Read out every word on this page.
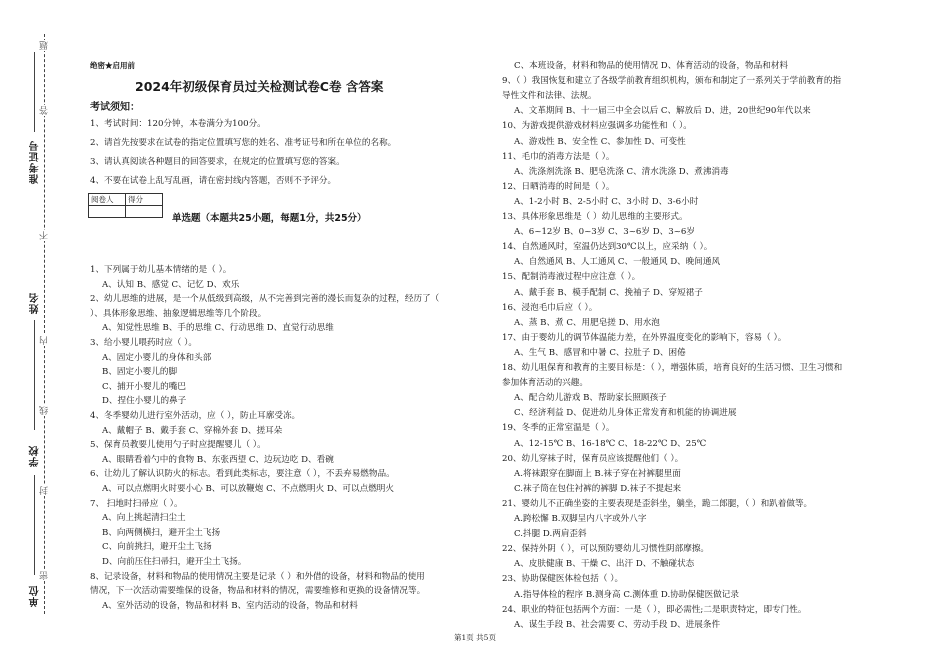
准考证号
姓名
学校
单位
题
答
不
内
线
封
密
绝密★启用前
2024年初级保育员过关检测试卷C卷 含答案
考试须知：
1、考试时间：120分钟，本卷满分为100分。
2、请首先按要求在试卷的指定位置填写您的姓名、准考证号和所在单位的名称。
3、请认真阅读各种题目的回答要求，在规定的位置填写您的答案。
4、不要在试卷上乱写乱画，请在密封线内答题，否则不予评分。
阅卷人	得分

单选题（本题共25小题，每题1分，共25分）
1、下列属于幼儿基本情绪的是（ ）。
A、认知 B、感觉 C、记忆 D、欢乐
2、幼儿思维的进展，是一个从低级到高级，从不完善到完善的漫长而复杂的过程，经历了（
）、具体形象思维、抽象逻辑思维等几个阶段。
A、知觉性思维 B、手的思维 C、行动思维 D、直觉行动思维
3、给小婴儿喂药时应（ ）。
A、固定小婴儿的身体和头部
B、固定小婴儿的脚
C、捕开小婴儿的嘴巴
D、捏住小婴儿的鼻子
4、冬季婴幼儿进行室外活动，应（ ），防止耳廓受冻。
A、戴帽子 B、戴手套 C、穿棉外套 D、搓耳朵
5、保育员教要儿使用勺子时应提醒婴儿（ ）。
A、眼睛看着勺中的食物 B、东张西望 C、边玩边吃 D、看碗
6、让幼儿了解认识防火的标志。看到此类标志，要注意（ ），不丢弃易燃物品。
A、可以点燃明火时要小心 B、可以放鞭炮 C、不点燃明火 D、可以点燃明火
7、 扫地时扫帚应（ ）。
A、向上挑起清扫尘土
B、向两侧横扫，避开尘土飞扬
C、向前挑扫，避开尘土飞扬
D、向前压住扫帚扫，避开尘土飞扬。
8、记录设备，材料和物品的使用情况主要是记录（ ）和外借的设备，材料和物品的使用
情况，下一次活动需要维保的设备，物品和材料的情况，需要维修和更换的设备情况等。
A、室外活动的设备，物品和材料 B、室内活动的设备，物品和材料
C、本班设备，材料和物品的使用情况 D、体育活动的设备，物品和材料
9、（ ）我国恢复和建立了各级学前教育组织机构，颁布和制定了一系列关于学前教育的指
导性文件和法律、法规。
A、文革期间 B、十一届三中全会以后 C、解放后 D、进，20世纪90年代以来
10、为游戏提供游戏材料应强调多功能性和（ ）。
A、游戏性 B、安全性 C、参加性 D、可变性
11、毛巾的消毒方法是（ ）。
A、洗涤剂洗涤 B、肥皂洗涤 C、清水洗涤 D、煮沸消毒
12、日晒消毒的时间是（ ）。
A、1-2小时 B、2-5小时 C、3小时 D、3-6小时
13、具体形象思维是（ ）幼儿思维的主要形式。
A、6~12岁 B、0~3岁 C、3~6岁 D、3~6岁
14、自然通风时，室温仍达到30℃以上，应采纳（ ）。
A、自然通风 B、人工通风 C、一般通风 D、晚间通风
15、配制消毒液过程中应注意（ ）。
A、戴手套 B、模手配制 C、挽袖子 D、穿短裙子
16、浸泡毛巾后应（ ）。
A、蒸 B、煮 C、用肥皂搓 D、用水泡
17、由于婴幼儿的调节体温能力差，在外界温度变化的影响下，容易（ ）。
A、生气 B、感冒和中暑 C、拉肚子 D、困倦
18、幼儿咀保育和教育的主要目标是：（ ），增强体质，培育良好的生活习惯、卫生习惯和
参加体育活动的兴趣。
A、配合幼儿游戏 B、帮助家长照顾孩子
C、经济利益 D、促进幼儿身体正常发育和机能的协调进展
19、冬季的正常室温是（ ）。
A、12-15℃ B、16-18℃ C、18-22℃ D、25℃
20、幼儿穿袜子时，保育员应该提醒他们（ ）。
A.将袜跟穿在脚面上 B.袜子穿在衬裤腿里面
C.袜子筒在包住衬裤的裤脚 D.袜子不提起来
21、婴幼儿不正确坐姿的主要表现是歪斜坐，躺坐，跪二郎腿，（ ）和趴着做等。
A.跨松懈 B.双脚呈内八字或外八字
C.抖腿 D.两肩歪斜
22、保持外阴（ ），可以预防婴幼儿习惯性阴部摩擦。
A、皮肤健康 B、干燥 C、出汗 D、不触碰状态
23、协助保健医体检包括（ ）。
A.指导体检的程序 B.测身高 C.测体重 D.协助保健医做记录
24、职业的特征包括两个方面：一是（ ），即必需性;二是职责特定，即专门性。
A、谋生手段 B、社会需要 C、劳动手段 D、进展条件
第1页 共5页
